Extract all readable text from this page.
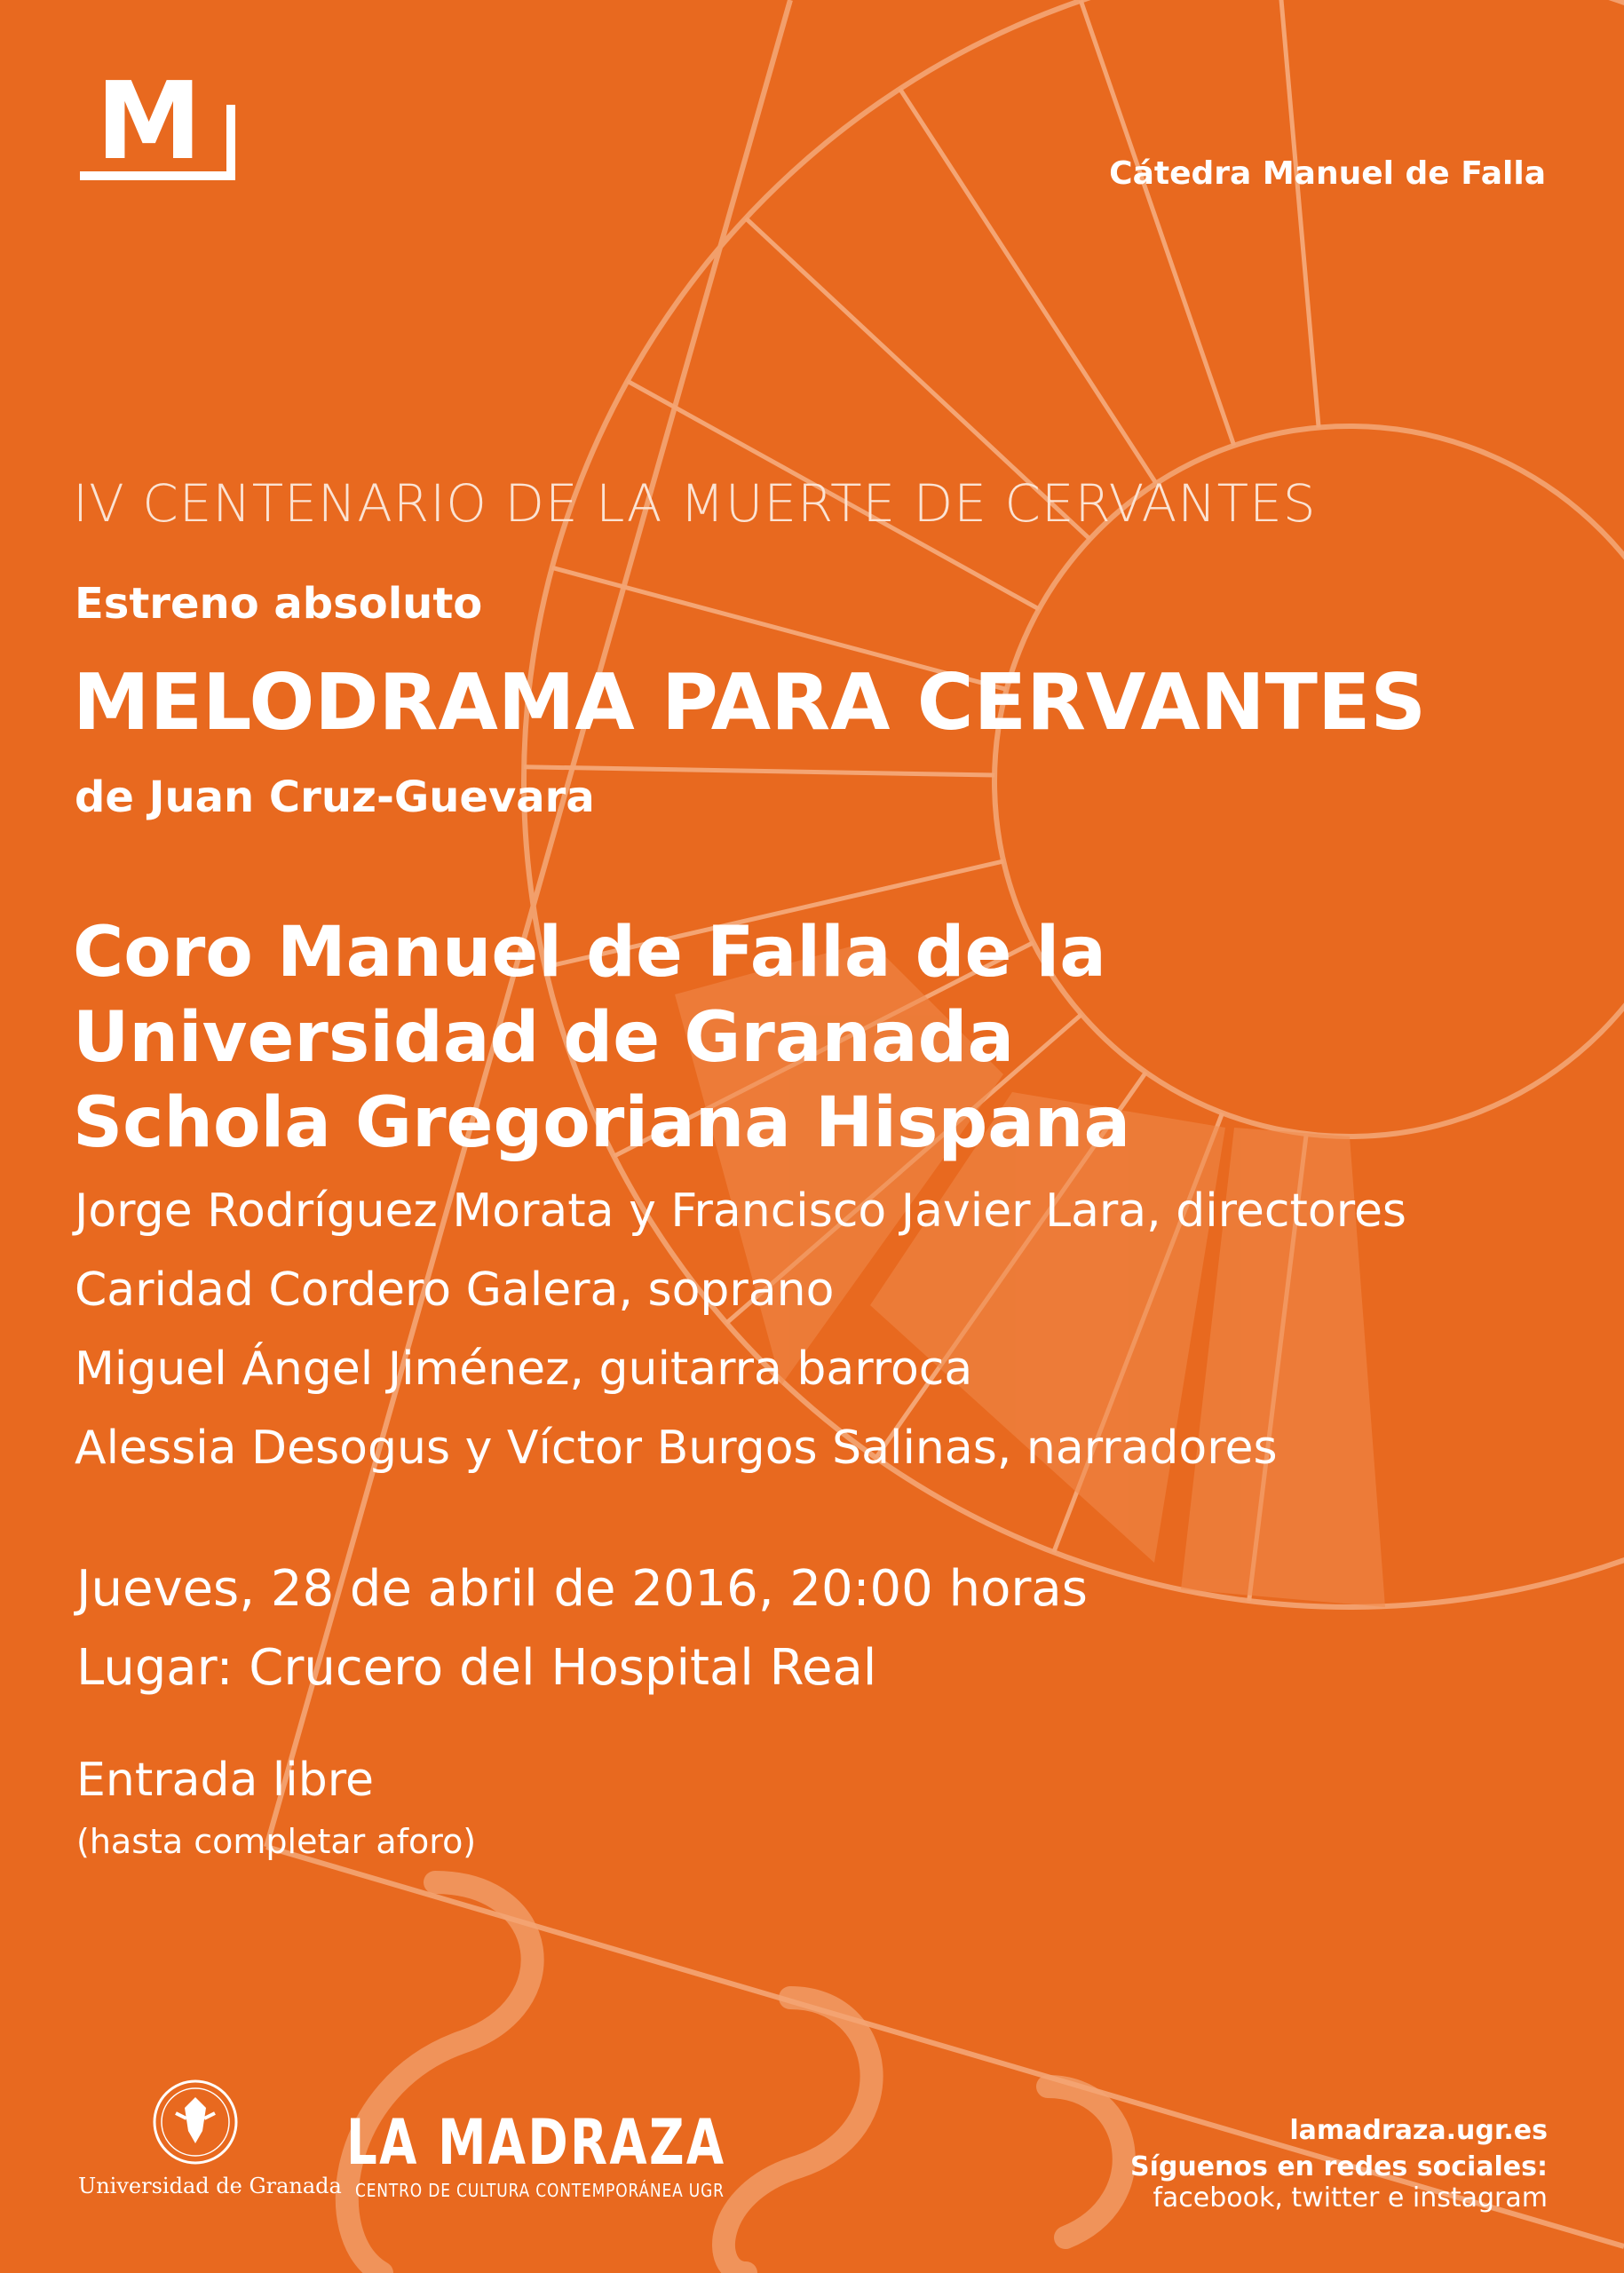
M	Cátedra Manuel de Falla

IV CENTENARIO DE LA MUERTE DE CERVANTES

Estreno absoluto

MELODRAMA PARA CERVANTES

de Juan Cruz-Guevara

Coro Manuel de Falla de la
Universidad de Granada
Schola Gregoriana Hispana
Jorge Rodríguez Morata y Francisco Javier Lara, directores
Caridad Cordero Galera, soprano
Miguel Ángel Jiménez, guitarra barroca
Alessia Desogus y Víctor Burgos Salinas, narradores
Jueves, 28 de abril de 2016, 20:00 horas
Lugar: Crucero del Hospital Real

Entrada libre

(hasta completar aforo)

Universidad de Granada

LA MADRAZA

CENTRO DE CULTURA CONTEMPORÁNEA UGR

lamadraza.ugr.es

Síguenos en redes sociales:

facebook, twitter e instagram
